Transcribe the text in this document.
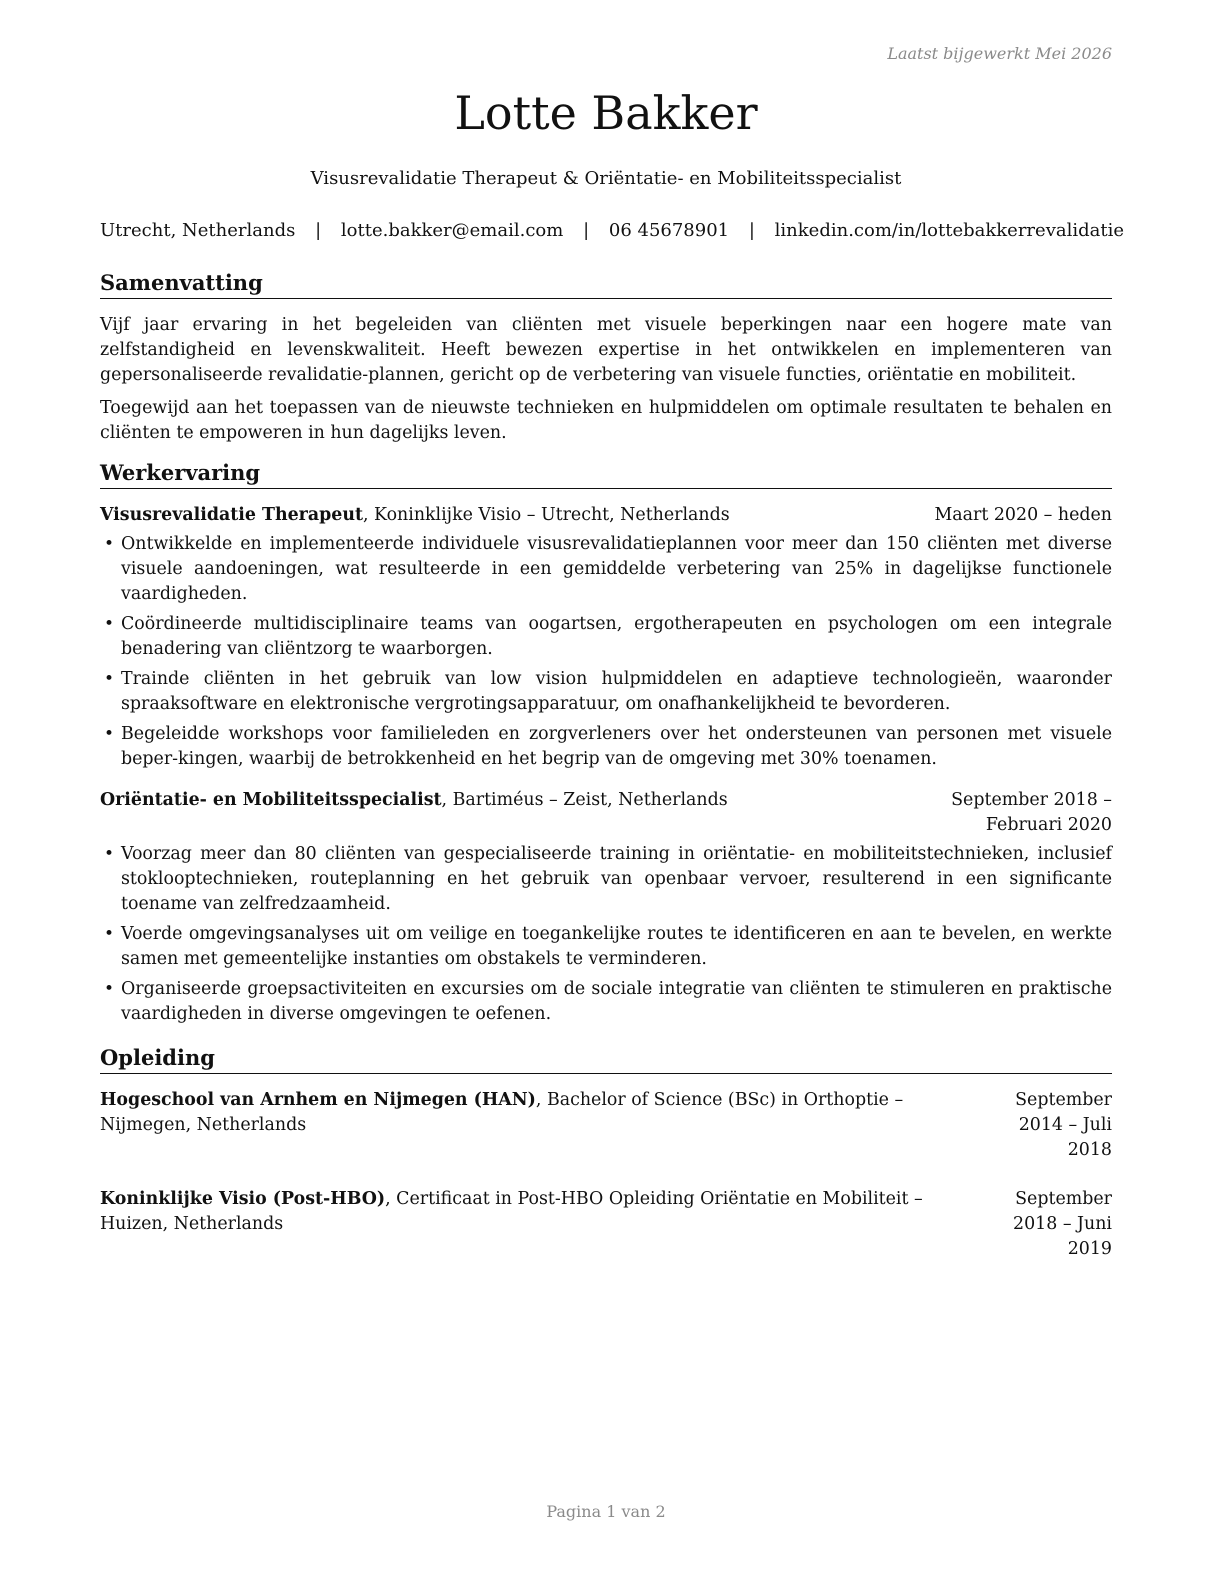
Laatst bijgewerkt Mei 2026
Lotte Bakker
Visusrevalidatie Therapeut & Oriëntatie- en Mobiliteitsspecialist
Utrecht, Netherlands | lotte.bakker@email.com | 06 45678901 | linkedin.com/in/lottebakkerrevalidatie
Samenvatting

Vijf jaar ervaring in het begeleiden van cliënten met visuele beperkingen naar een hogere mate van zelfstandigheid en levenskwaliteit. Heeft bewezen expertise in het ontwikkelen en implementeren van gepersonaliseerde revalidatie-plannen, gericht op de verbetering van visuele functies, oriëntatie en mobiliteit.

Toegewijd aan het toepassen van de nieuwste technieken en hulpmiddelen om optimale resultaten te behalen en cliënten te empoweren in hun dagelijks leven.

Werkervaring
Visusrevalidatie Therapeut, Koninklijke Visio – Utrecht, Netherlands	Maart 2020 – heden
• Ontwikkelde en implementeerde individuele visusrevalidatieplannen voor meer dan 150 cliënten met diverse visuele aandoeningen, wat resulteerde in een gemiddelde verbetering van 25% in dagelijkse functionele vaardigheden.
• Coördineerde multidisciplinaire teams van oogartsen, ergotherapeuten en psychologen om een integrale benadering van cliëntzorg te waarborgen.
• Trainde cliënten in het gebruik van low vision hulpmiddelen en adaptieve technologieën, waaronder spraaksoftware en elektronische vergrotingsapparatuur, om onafhankelijkheid te bevorderen.
• Begeleidde workshops voor familieleden en zorgverleners over het ondersteunen van personen met visuele beper-kingen, waarbij de betrokkenheid en het begrip van de omgeving met 30% toenamen.
Oriëntatie- en Mobiliteitsspecialist, Bartiméus – Zeist, Netherlands	September 2018 – Februari 2020
• Voorzag meer dan 80 cliënten van gespecialiseerde training in oriëntatie- en mobiliteitstechnieken, inclusief stoklooptechnieken, routeplanning en het gebruik van openbaar vervoer, resulterend in een significante toename van zelfredzaamheid.
• Voerde omgevingsanalyses uit om veilige en toegankelijke routes te identificeren en aan te bevelen, en werkte samen met gemeentelijke instanties om obstakels te verminderen.
• Organiseerde groepsactiviteiten en excursies om de sociale integratie van cliënten te stimuleren en praktische vaardigheden in diverse omgevingen te oefenen.
Opleiding
Hogeschool van Arnhem en Nijmegen (HAN), Bachelor of Science (BSc) in Orthoptie – Nijmegen, Netherlands
September 2014 – Juli 2018
Koninklijke Visio (Post-HBO), Certificaat in Post-HBO Opleiding Oriëntatie en Mobiliteit – Huizen, Netherlands
September 2018 – Juni 2019
Pagina 1 van 2
